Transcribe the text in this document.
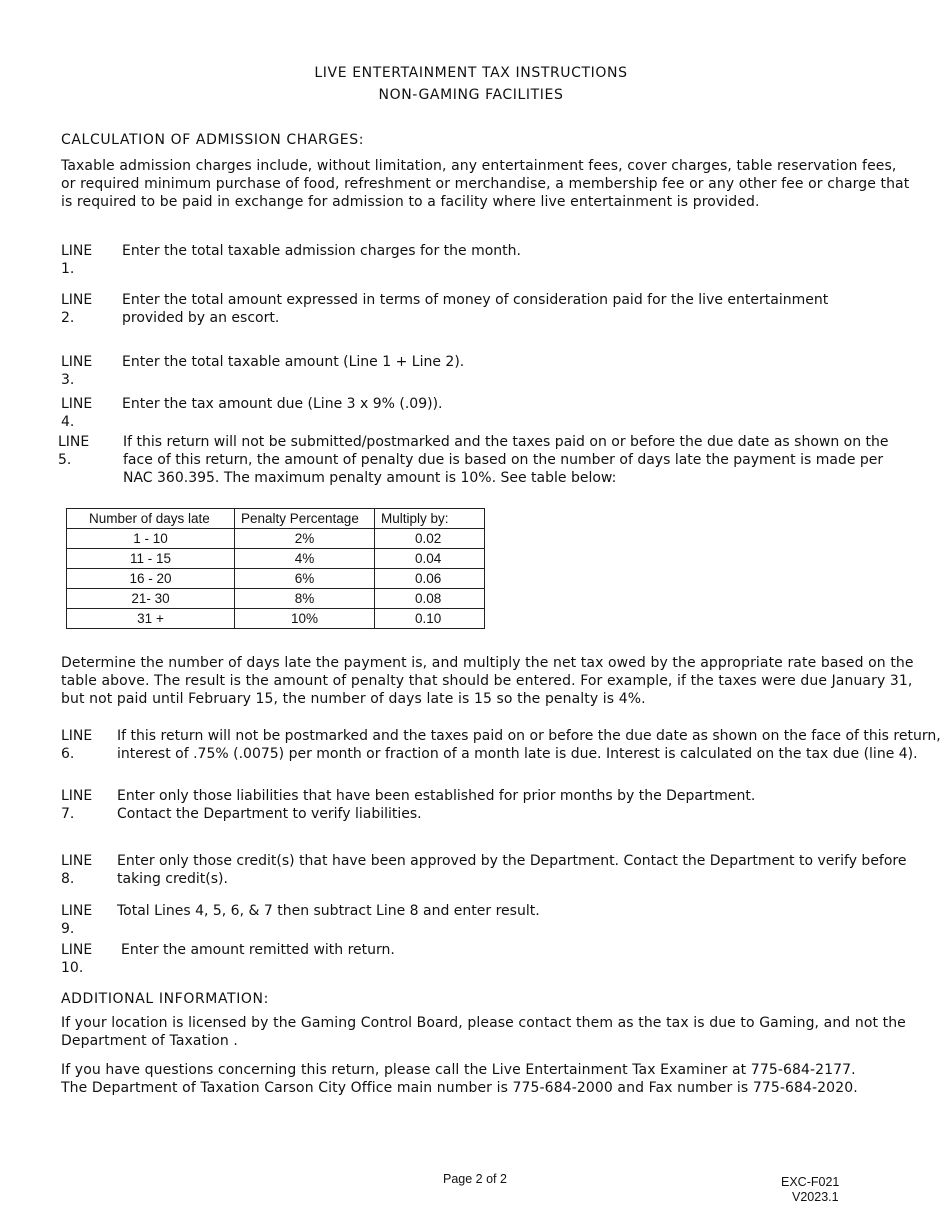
LIVE ENTERTAINMENT TAX INSTRUCTIONS
NON-GAMING FACILITIES
CALCULATION OF ADMISSION CHARGES:
Taxable admission charges include, without limitation, any entertainment fees, cover charges, table reservation fees,
or required minimum purchase of food, refreshment or merchandise, a membership fee or any other fee or charge that
is required to be paid in exchange for admission to a facility where live entertainment is provided.
LINE 1.
Enter the total taxable admission charges for the month.
LINE 2.
Enter the total amount expressed in terms of money of consideration paid for the live entertainment
provided by an escort.
LINE 3.
Enter the total taxable amount (Line 1 + Line 2).
LINE 4.
Enter the tax amount due (Line 3 x 9% (.09)).
LINE 5.
If this return will not be submitted/postmarked and the taxes paid on or before the due date as shown on the
face of this return, the amount of penalty due is based on the number of days late the payment is made per
NAC 360.395. The maximum penalty amount is 10%. See table below:
Number of days late	Penalty Percentage	Multiply by:
1 - 10	2%	0.02
11 - 15	4%	0.04
16 - 20	6%	0.06
21- 30	8%	0.08
31 +	10%	0.10
Determine the number of days late the payment is, and multiply the net tax owed by the appropriate rate based on the
table above. The result is the amount of penalty that should be entered. For example, if the taxes were due January 31,
but not paid until February 15, the number of days late is 15 so the penalty is 4%.
LINE 6.
If this return will not be postmarked and the taxes paid on or before the due date as shown on the face of this return,
interest of .75% (.0075) per month or fraction of a month late is due. Interest is calculated on the tax due (line 4).
LINE 7.
Enter only those liabilities that have been established for prior months by the Department.
Contact the Department to verify liabilities.
LINE 8.
Enter only those credit(s) that have been approved by the Department. Contact the Department to verify before
taking credit(s).
LINE 9.
Total Lines 4, 5, 6, & 7 then subtract Line 8 and enter result.
LINE 10.
Enter the amount remitted with return.
ADDITIONAL INFORMATION:
If your location is licensed by the Gaming Control Board, please contact them as the tax is due to Gaming, and not the
Department of Taxation .
If you have questions concerning this return, please call the Live Entertainment Tax Examiner at 775-684-2177.
The Department of Taxation Carson City Office main number is 775-684-2000 and Fax number is 775-684-2020.
Page 2 of 2	EXC-F021
V2023.1
